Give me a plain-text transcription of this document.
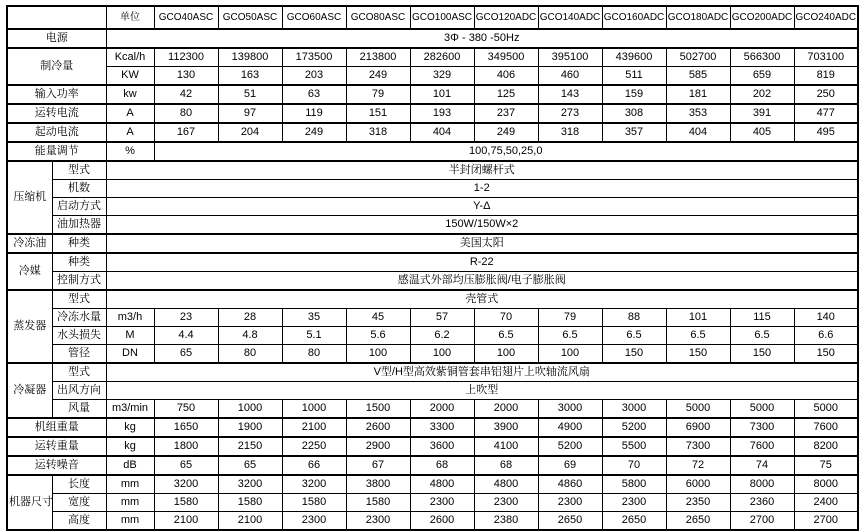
		单位	GCO40ASC	GCO50ASC	GCO60ASC	GCO80ASC	GCO100ASC	GCO120ADC	GCO140ADC	GCO160ADC	GCO180ADC	GCO200ADC	GCO240ADC
电源		3Φ - 380 -50Hz											
制冷量		Kcal/h	112300	139800	173500	213800	282600	349500	395100	439600	502700	566300	703100
		KW	130	163	203	249	329	406	460	511	585	659	819
输入功率		kw	42	51	63	79	101	125	143	159	181	202	250
运转电流		A	80	97	119	151	193	237	273	308	353	391	477
起动电流		A	167	204	249	318	404	249	318	357	404	405	495
能量调节		%	100,75,50,25,0										
压缩机	型式	半封闭螺杆式											
	机数	1-2											
	启动方式	Y-Δ											
	油加热器	150W/150W×2											
冷冻油	种类	美国太阳											
冷媒	种类	R-22											
	控制方式	感温式外部均压膨胀阀/电子膨胀阀											
蒸发器	型式	壳管式											
	冷冻水量	m3/h	23	28	35	45	57	70	79	88	101	115	140
	水头损失	M	4.4	4.8	5.1	5.6	6.2	6.5	6.5	6.5	6.5	6.5	6.6
	管径	DN	65	80	80	100	100	100	100	150	150	150	150
冷凝器	型式	V型/H型高效紫铜管套串铝翅片上吹轴流风扇											
	出风方向	上吹型											
	风量	m3/min	750	1000	1000	1500	2000	2000	3000	3000	5000	5000	5000
机组重量		kg	1650	1900	2100	2600	3300	3900	4900	5200	6900	7300	7600
运转重量		kg	1800	2150	2250	2900	3600	4100	5200	5500	7300	7600	8200
运转噪音		dB	65	65	66	67	68	68	69	70	72	74	75
机器尺寸	长度	mm	3200	3200	3200	3800	4800	4800	4860	5800	6000	8000	8000
	宽度	mm	1580	1580	1580	1580	2300	2300	2300	2300	2350	2360	2400
	高度	mm	2100	2100	2300	2300	2600	2380	2650	2650	2650	2700	2700
